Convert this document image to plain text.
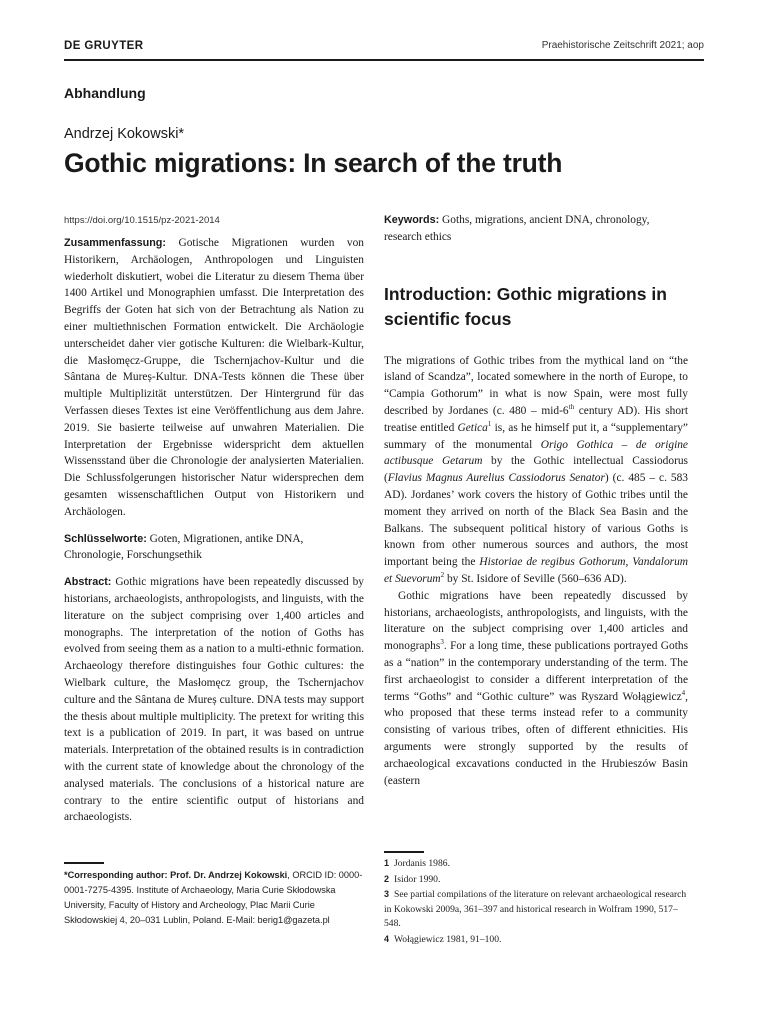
DE GRUYTER	Praehistorische Zeitschrift 2021; aop
Abhandlung
Andrzej Kokowski*
Gothic migrations: In search of the truth
https://doi.org/10.1515/pz-2021-2014

Zusammenfassung: Gotische Migrationen wurden von Historikern, Archäologen, Anthropologen und Linguisten wiederholt diskutiert, wobei die Literatur zu diesem Thema über 1400 Artikel und Monographien umfasst. Die Interpretation des Begriffs der Goten hat sich von der Betrachtung als Nation zu einer multiethnischen Formation entwickelt. Die Archäologie unterscheidet daher vier gotische Kulturen: die Wielbark-Kultur, die Masłomęcz-Gruppe, die Tschernjachov-Kultur und die Sântana de Mureș-Kultur. DNA-Tests können die These über multiple Multiplizität unterstützen. Der Hintergrund für das Verfassen dieses Textes ist eine Veröffentlichung aus dem Jahre. 2019. Sie basierte teilweise auf unwahren Materialien. Die Interpretation der Ergebnisse widerspricht dem aktuellen Wissensstand über die Chronologie der analysierten Materialien. Die Schlussfolgerungen historischer Natur widersprechen dem gesamten wissenschaftlichen Output von Historikern und Archäologen.

Schlüsselworte: Goten, Migrationen, antike DNA, Chronologie, Forschungsethik

Abstract: Gothic migrations have been repeatedly discussed by historians, archaeologists, anthropologists, and linguists, with the literature on the subject comprising over 1,400 articles and monographs. The interpretation of the notion of Goths has evolved from seeing them as a nation to a multi-ethnic formation. Archaeology therefore distinguishes four Gothic cultures: the Wielbark culture, the Masłomęcz group, the Tschernjachov culture and the Sântana de Mureș culture. DNA tests may support the thesis about multiple multiplicity. The pretext for writing this text is a publication of 2019. In part, it was based on untrue materials. Interpretation of the obtained results is in contradiction with the current state of knowledge about the chronology of the analysed materials. The conclusions of a historical nature are contrary to the entire scientific output of historians and archaeologists.

*Corresponding author: Prof. Dr. Andrzej Kokowski, ORCID ID: 0000-0001-7275-4395. Institute of Archaeology, Maria Curie Skłodowska University, Faculty of History and Archeology, Plac Marii Curie Skłodowskiej 4, 20–031 Lublin, Poland. E-Mail: berig1@gazeta.pl

Keywords: Goths, migrations, ancient DNA, chronology, research ethics

Introduction: Gothic migrations in scientific focus

The migrations of Gothic tribes from the mythical land on “the island of Scandza”, located somewhere in the north of Europe, to “Campia Gothorum” in what is now Spain, were most fully described by Jordanes (c. 480 – mid-6th century AD). His short treatise entitled Getica$^1$ is, as he himself put it, a “supplementary” summary of the monumental Origo Gothica – de origine actibusque Getarum by the Gothic intellectual Cassiodorus (Flavius Magnus Aurelius Cassiodorus Senator) (c. 485 – c. 583 AD). Jordanes’ work covers the history of Gothic tribes until the moment they arrived on north of the Black Sea Basin and the Balkans. The subsequent political history of various Goths is known from other numerous sources and authors, the most important being the Historiae de regibus Gothorum, Vandalorum et Suevorum$^2$ by St. Isidore of Seville (560–636 AD).

Gothic migrations have been repeatedly discussed by historians, archaeologists, anthropologists, and linguists, with the literature on the subject comprising over 1,400 articles and monographs$^3$. For a long time, these publications portrayed Goths as a “nation” in the contemporary understanding of the term. The first archaeologist to consider a different interpretation of the terms “Goths” and “Gothic culture” was Ryszard Wołągiewicz$^4$, who proposed that these terms instead refer to a community consisting of various tribes, often of different ethnicities. His arguments were strongly supported by the results of archaeological excavations conducted in the Hrubieszów Basin (eastern

1 Jordanis 1986.
2 Isidor 1990.
3 See partial compilations of the literature on relevant archaeological research in Kokowski 2009a, 361–397 and historical research in Wolfram 1990, 517–548.
4 Wołągiewicz 1981, 91–100.
